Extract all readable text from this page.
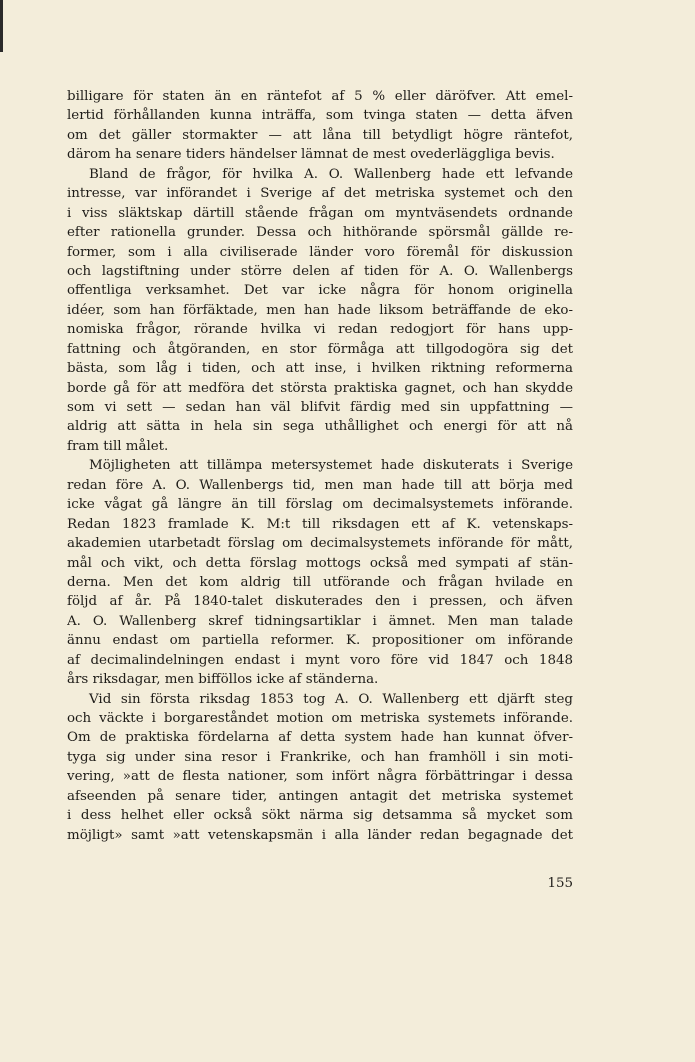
billigare för staten än en räntefot af 5 % eller däröfver. Att emel‑
lertid förhållanden kunna inträffa, som tvinga staten — detta äfven
om det gäller stormakter — att låna till betydligt högre räntefot,
därom ha senare tiders händelser lämnat de mest ovederläggliga bevis.
Bland de frågor, för hvilka A. O. Wallenberg hade ett lefvande
intresse, var införandet i Sverige af det metriska systemet och den
i viss släktskap därtill stående frågan om myntväsendets ordnande
efter rationella grunder. Dessa och hithörande spörsmål gällde re‑
former, som i alla civiliserade länder voro föremål för diskussion
och lagstiftning under större delen af tiden för A. O. Wallenbergs
offentliga verksamhet. Det var icke några för honom originella
idéer, som han förfäktade, men han hade liksom beträffande de eko‑
nomiska frågor, rörande hvilka vi redan redogjort för hans upp‑
fattning och åtgöranden, en stor förmåga att tillgodogöra sig det
bästa, som låg i tiden, och att inse, i hvilken riktning reformerna
borde gå för att medföra det största praktiska gagnet, och han skydde
som vi sett — sedan han väl blifvit färdig med sin uppfattning —
aldrig att sätta in hela sin sega uthållighet och energi för att nå
fram till målet.
Möjligheten att tillämpa metersystemet hade diskuterats i Sverige
redan före A. O. Wallenbergs tid, men man hade till att börja med
icke vågat gå längre än till förslag om decimalsystemets införande.
Redan 1823 framlade K. M:t till riksdagen ett af K. vetenskaps‑
akademien utarbetadt förslag om decimalsystemets införande för mått,
mål och vikt, och detta förslag mottogs också med sympati af stän‑
derna. Men det kom aldrig till utförande och frågan hvilade en
följd af år. På 1840‑talet diskuterades den i pressen, och äfven
A. O. Wallenberg skref tidningsartiklar i ämnet. Men man talade
ännu endast om partiella reformer. K. propositioner om införande
af decimalindelningen endast i mynt voro före vid 1847 och 1848
års riksdagar, men bifföllos icke af ständerna.
Vid sin första riksdag 1853 tog A. O. Wallenberg ett djärft steg
och väckte i borgareståndet motion om metriska systemets införande.
Om de praktiska fördelarna af detta system hade han kunnat öfver‑
tyga sig under sina resor i Frankrike, och han framhöll i sin moti‑
vering, »att de flesta nationer, som infört några förbättringar i dessa
afseenden på senare tider, antingen antagit det metriska systemet
i dess helhet eller också sökt närma sig detsamma så mycket som
möjligt» samt »att vetenskapsmän i alla länder redan begagnade det
155
